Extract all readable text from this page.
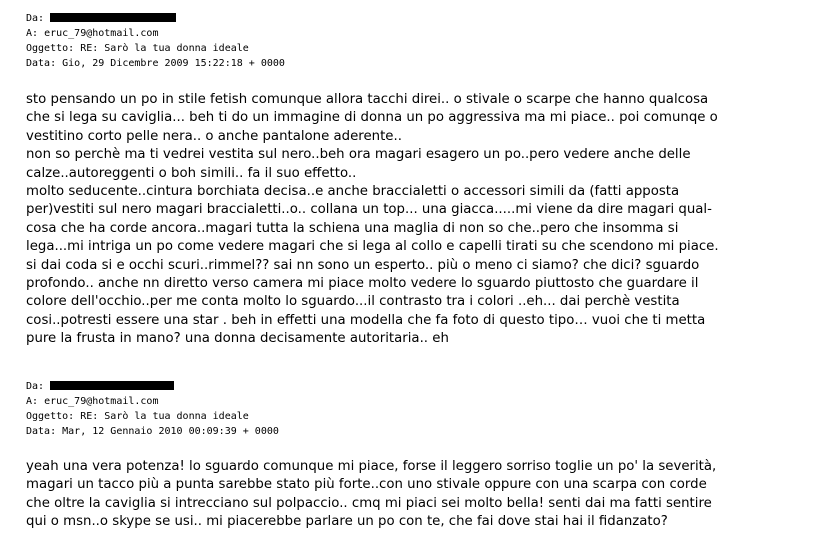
Da:
A: eruc_79@hotmail.com
Oggetto: RE: Sarò la tua donna ideale
Data: Gio, 29 Dicembre 2009 15:22:18 + 0000
sto pensando un po in stile fetish comunque allora tacchi direi.. o stivale o scarpe che hanno qualcosa
che si lega su caviglia... beh ti do un immagine di donna un po aggressiva ma mi piace.. poi comunqe o
vestitino corto pelle nera.. o anche pantalone aderente..
non so perchè ma ti vedrei vestita sul nero..beh ora magari esagero un po..pero vedere anche delle
calze..autoreggenti o boh simili.. fa il suo effetto..
molto seducente..cintura borchiata decisa..e anche braccialetti o accessori simili da (fatti apposta
per)vestiti sul nero magari braccialetti..o.. collana un top... una giacca.....mi viene da dire magari qual-
cosa che ha corde ancora..magari tutta la schiena una maglia di non so che..pero che insomma si
lega...mi intriga un po come vedere magari che si lega al collo e capelli tirati su che scendono mi piace.
si dai coda si e occhi scuri..rimmel?? sai nn sono un esperto.. più o meno ci siamo? che dici? sguardo
profondo.. anche nn diretto verso camera mi piace molto vedere lo sguardo piuttosto che guardare il
colore dell'occhio..per me conta molto lo sguardo...il contrasto tra i colori ..eh... dai perchè vestita
cosi..potresti essere una star . beh in effetti una modella che fa foto di questo tipo… vuoi che ti metta
pure la frusta in mano? una donna decisamente autoritaria.. eh
Da:
A: eruc_79@hotmail.com
Oggetto: RE: Sarò la tua donna ideale
Data: Mar, 12 Gennaio 2010 00:09:39 + 0000
yeah una vera potenza! lo sguardo comunque mi piace, forse il leggero sorriso toglie un po' la severità,
magari un tacco più a punta sarebbe stato più forte..con uno stivale oppure con una scarpa con corde
che oltre la caviglia si intrecciano sul polpaccio.. cmq mi piaci sei molto bella! senti dai ma fatti sentire
qui o msn..o skype se usi.. mi piacerebbe parlare un po con te, che fai dove stai hai il fidanzato?
